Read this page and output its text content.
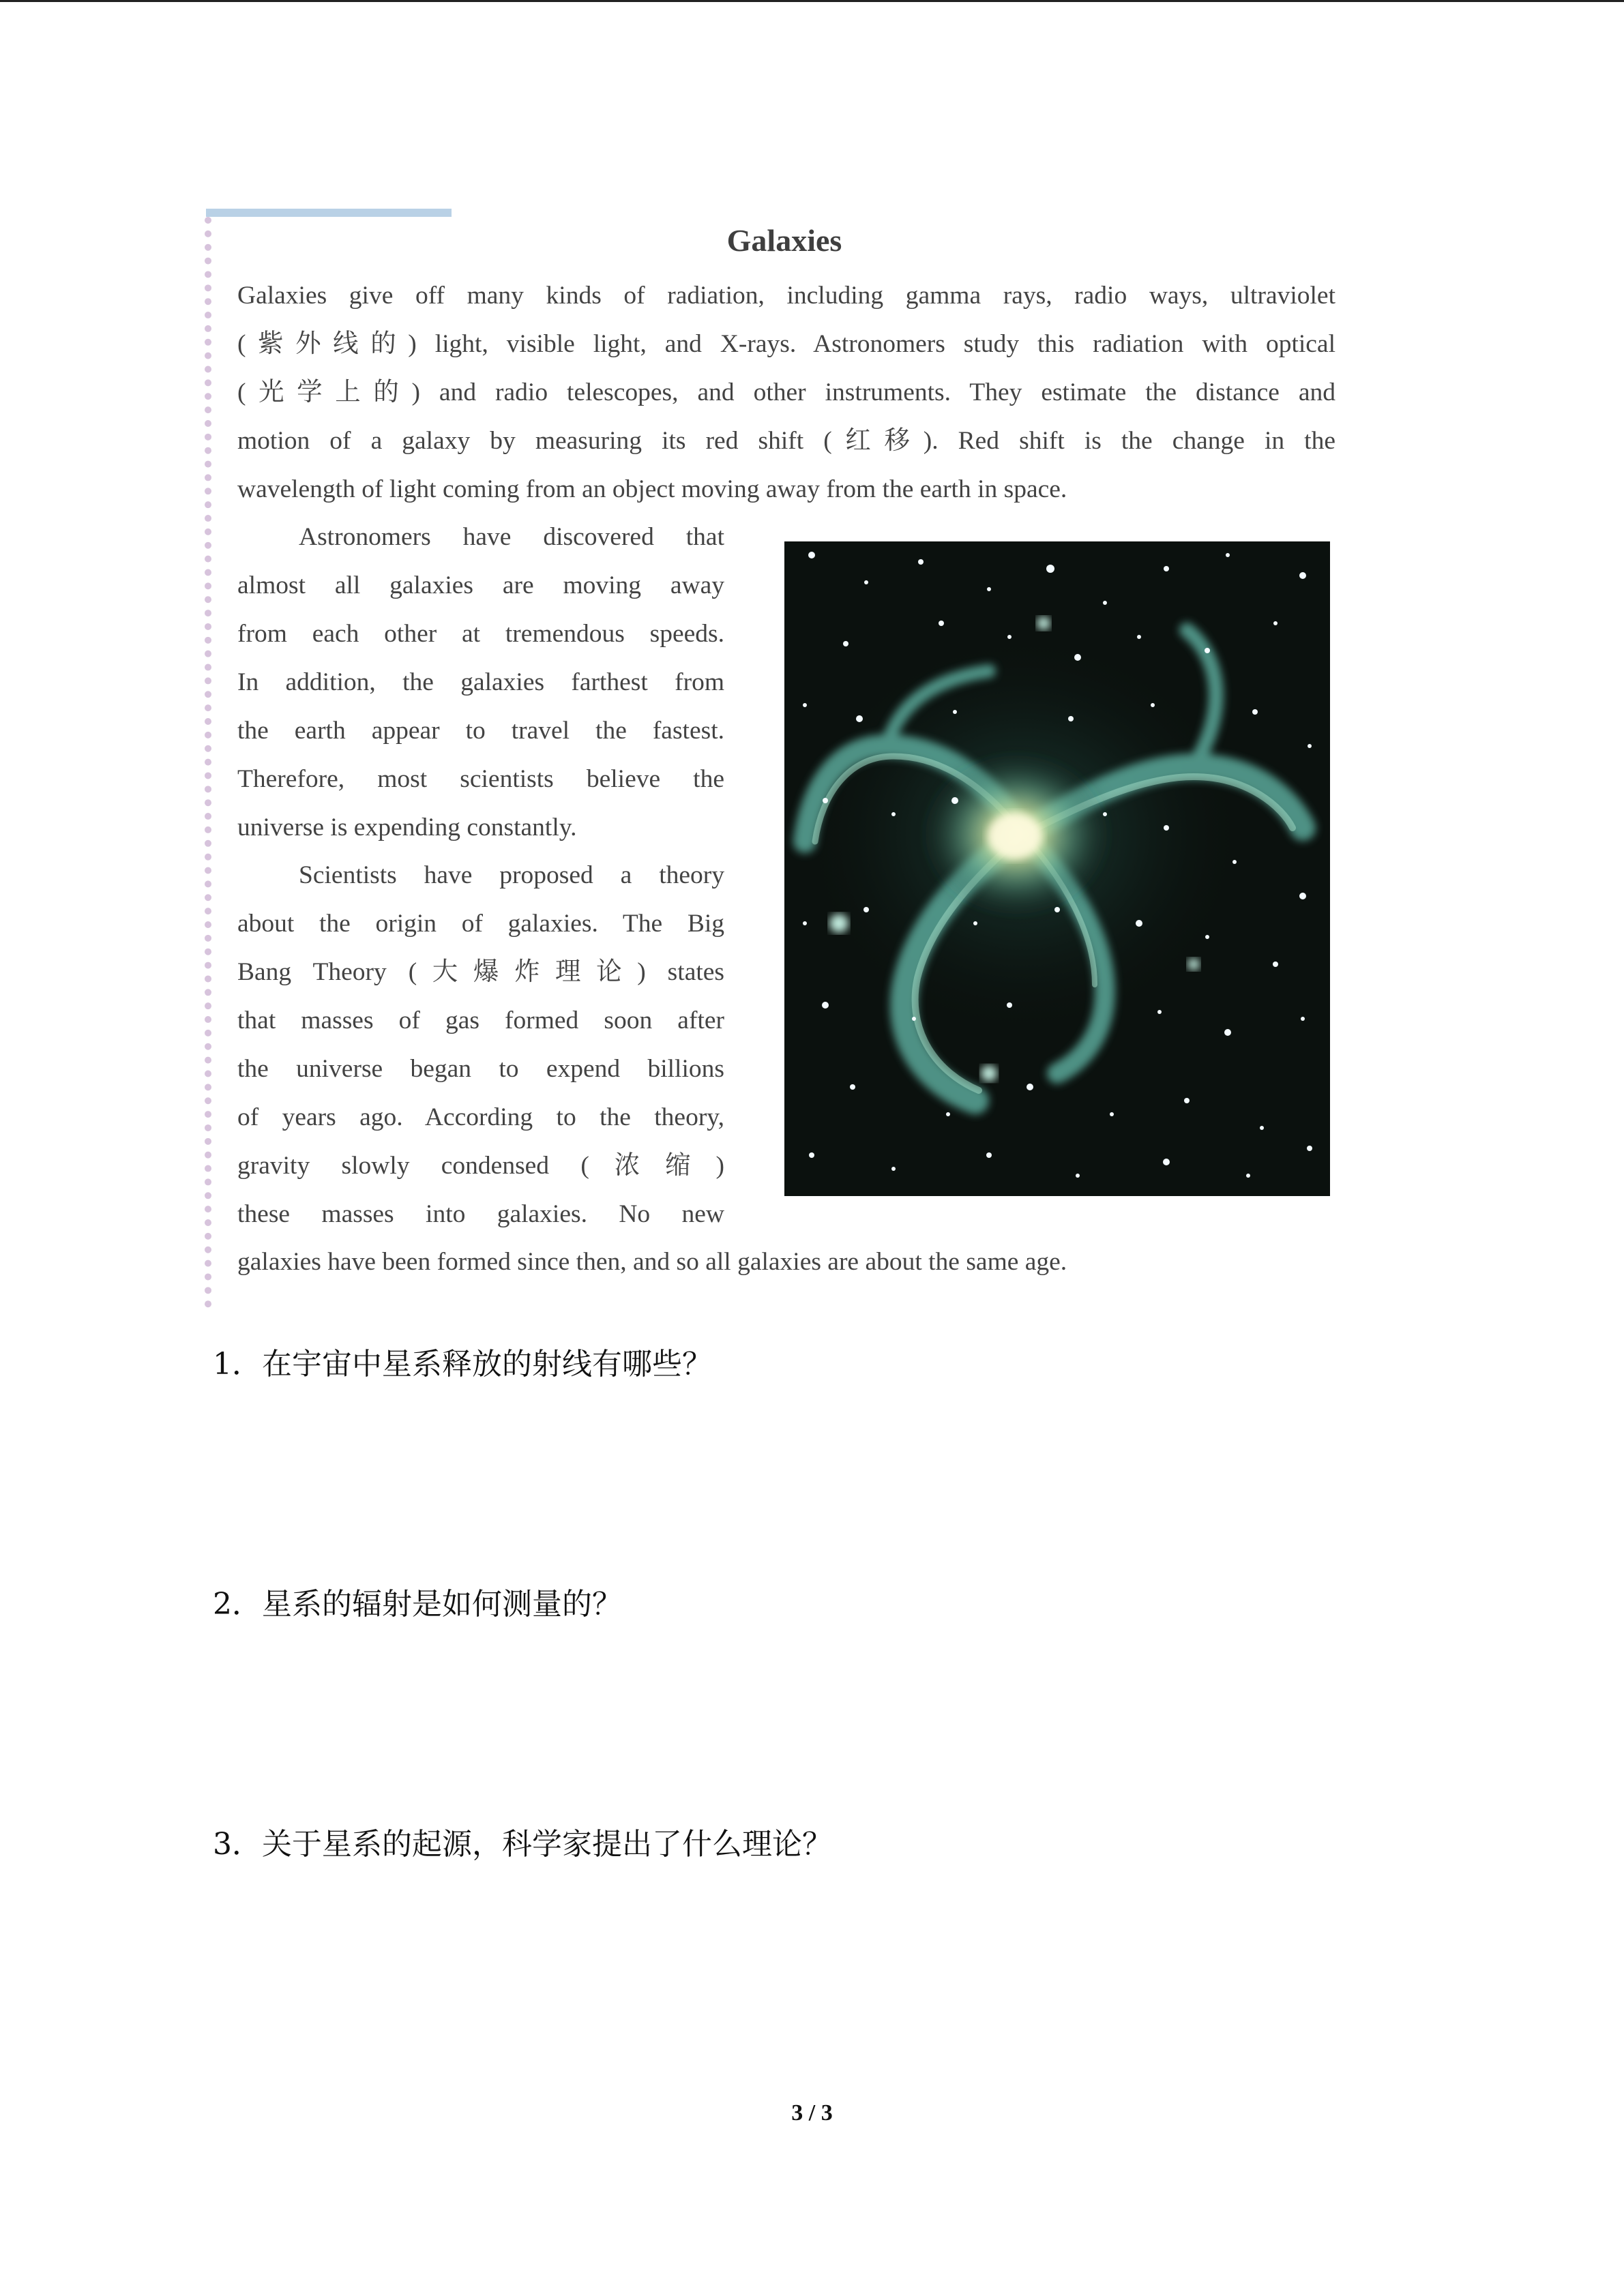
Galaxies
Galaxies give off many kinds of radiation, including gamma rays, radio ways, ultraviolet
(紫外线的) light, visible light, and X-rays. Astronomers study this radiation with optical
(光学上的) and radio telescopes, and other instruments. They estimate the distance and
motion of a galaxy by measuring its red shift (红移). Red shift is the change in the
wavelength of light coming from an object moving away from the earth in space.
Astronomers have discovered that
almost all galaxies are moving away
from each other at tremendous speeds.
In addition, the galaxies farthest from
the earth appear to travel the fastest.
Therefore, most scientists believe the
universe is expending constantly.
Scientists have proposed a theory
about the origin of galaxies. The Big
Bang Theory (大爆炸理论) states
that masses of gas formed soon after
the universe began to expend billions
of years ago. According to the theory,
gravity slowly condensed (浓缩)
these masses into galaxies. No new
galaxies have been formed since then, and so all galaxies are about the same age.
1．在宇宙中星系释放的射线有哪些？
2．星系的辐射是如何测量的？
3．关于星系的起源，科学家提出了什么理论？
3 / 3
